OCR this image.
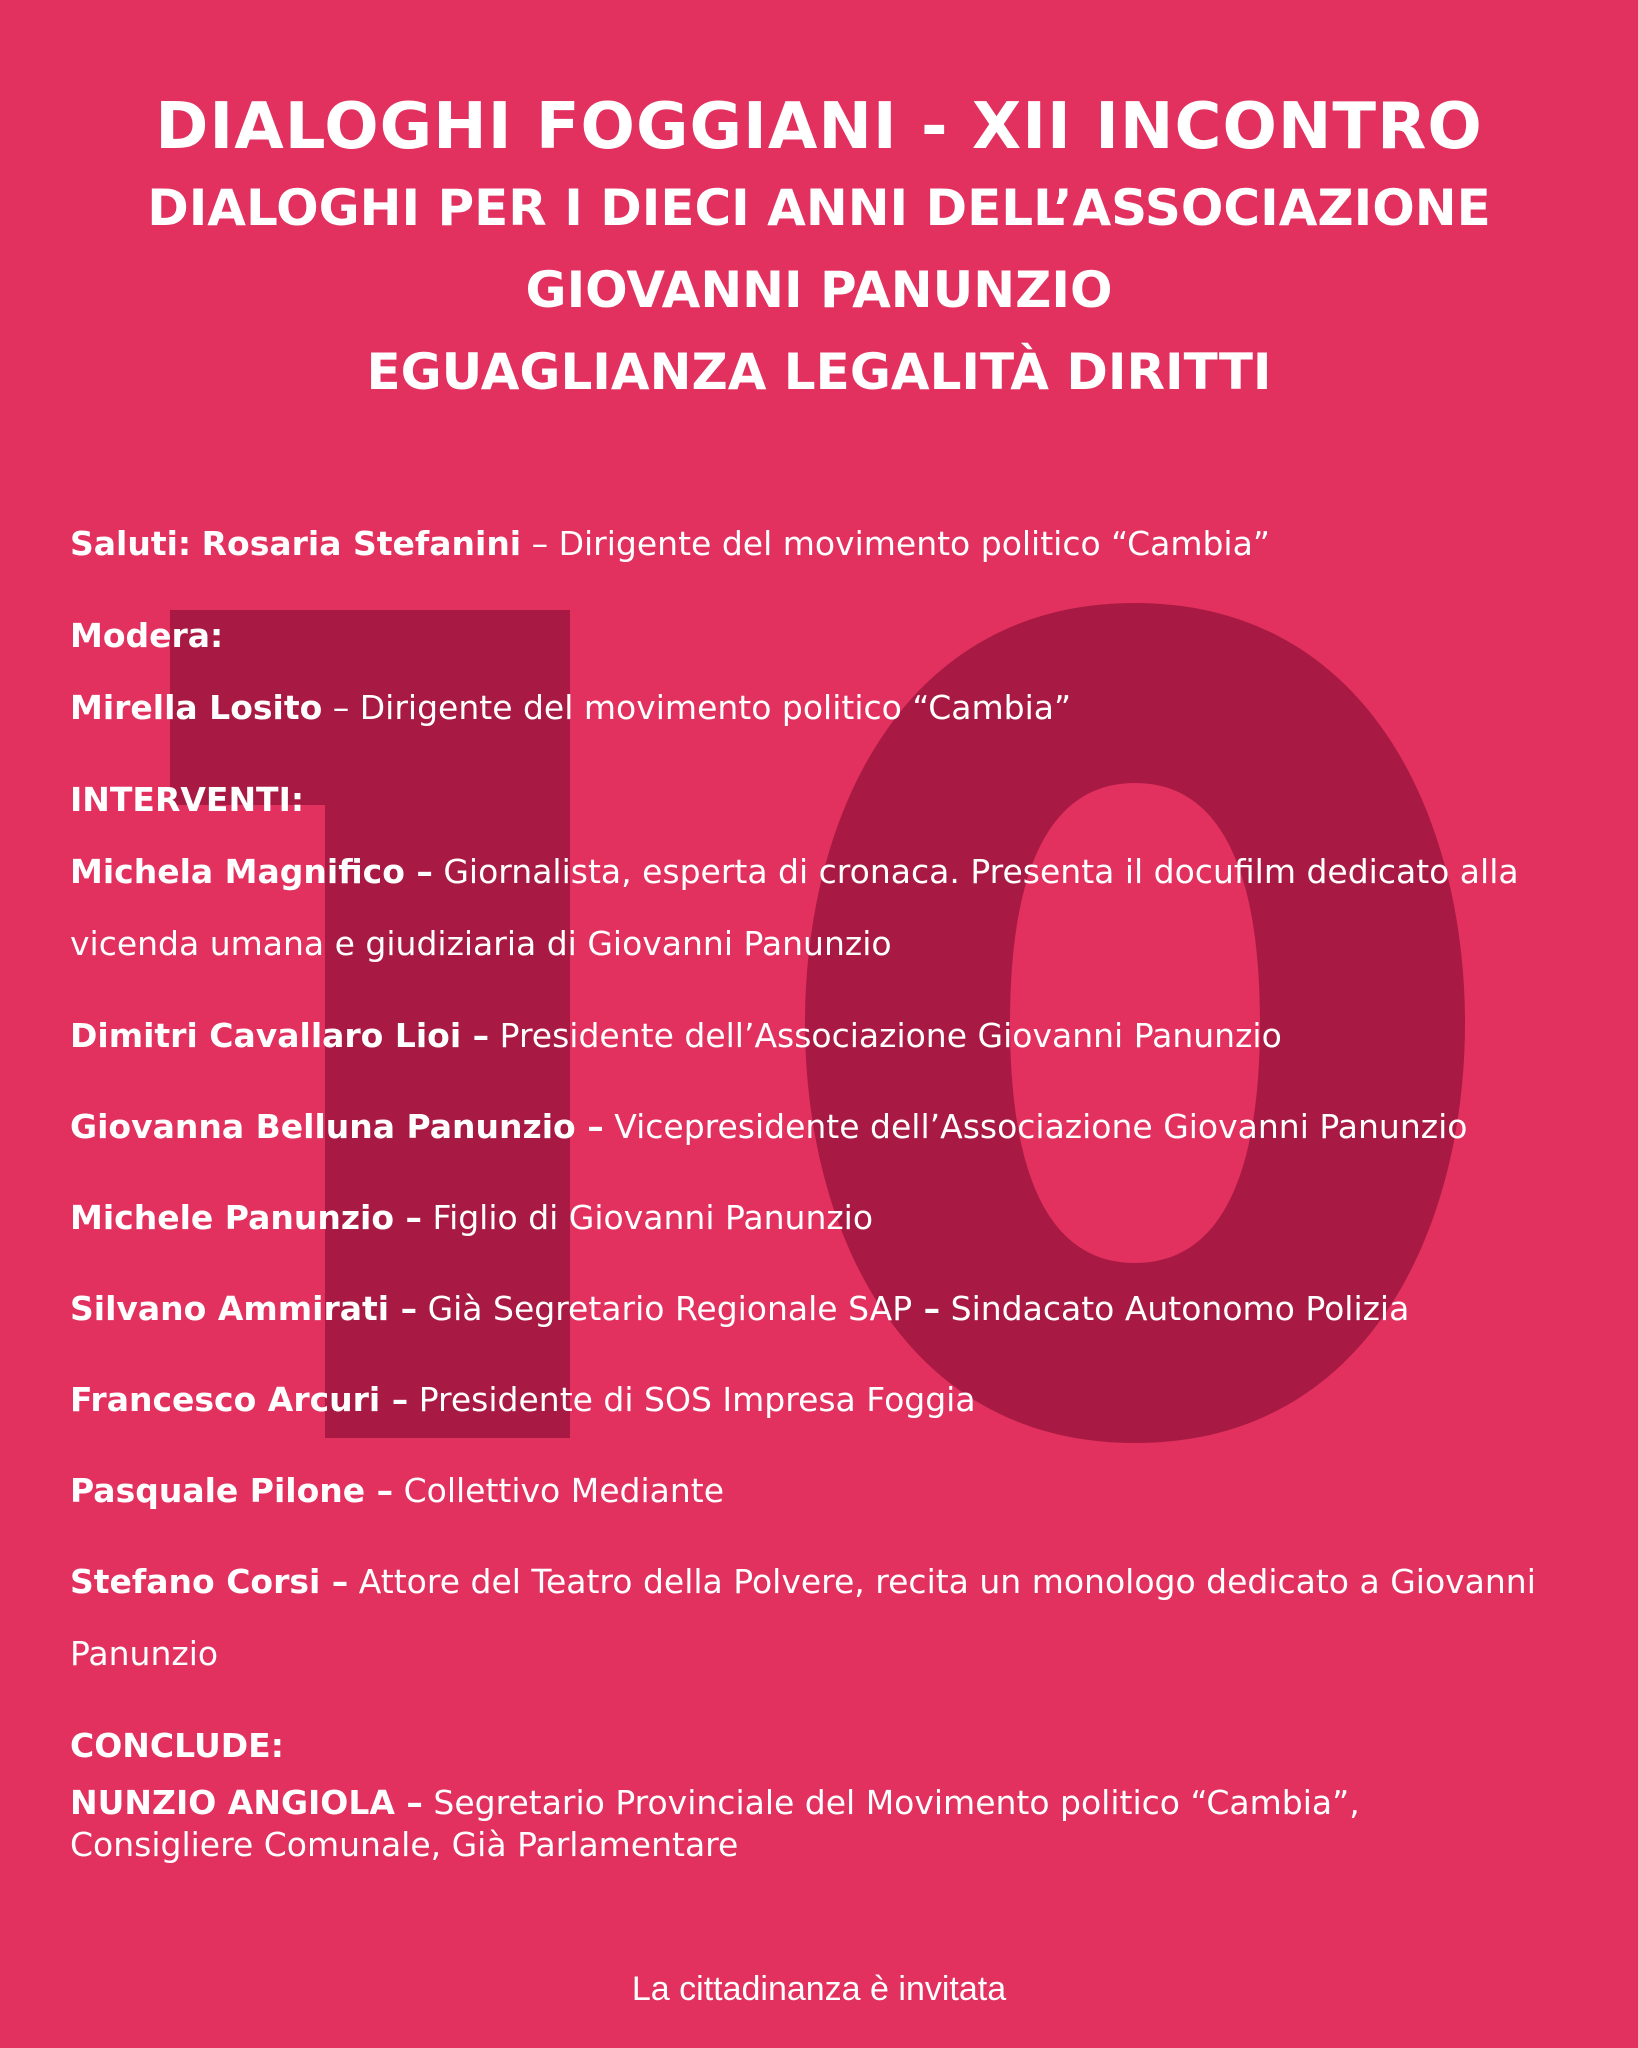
DIALOGHI FOGGIANI - XII INCONTRO
DIALOGHI PER I DIECI ANNI DELL’ASSOCIAZIONE
GIOVANNI PANUNZIO
EGUAGLIANZA LEGALITÀ DIRITTI
Saluti: Rosaria Stefanini – Dirigente del movimento politico “Cambia”
Modera:
Mirella Losito – Dirigente del movimento politico “Cambia”
INTERVENTI:
Michela Magnifico – Giornalista, esperta di cronaca. Presenta il docufilm dedicato alla
vicenda umana e giudiziaria di Giovanni Panunzio
Dimitri Cavallaro Lioi – Presidente dell’Associazione Giovanni Panunzio
Giovanna Belluna Panunzio – Vicepresidente dell’Associazione Giovanni Panunzio
Michele Panunzio – Figlio di Giovanni Panunzio
Silvano Ammirati – Già Segretario Regionale SAP – Sindacato Autonomo Polizia
Francesco Arcuri – Presidente di SOS Impresa Foggia
Pasquale Pilone – Collettivo Mediante
Stefano Corsi – Attore del Teatro della Polvere, recita un monologo dedicato a Giovanni
Panunzio
CONCLUDE:
NUNZIO ANGIOLA – Segretario Provinciale del Movimento politico “Cambia”,
Consigliere Comunale, Già Parlamentare
La cittadinanza è invitata
